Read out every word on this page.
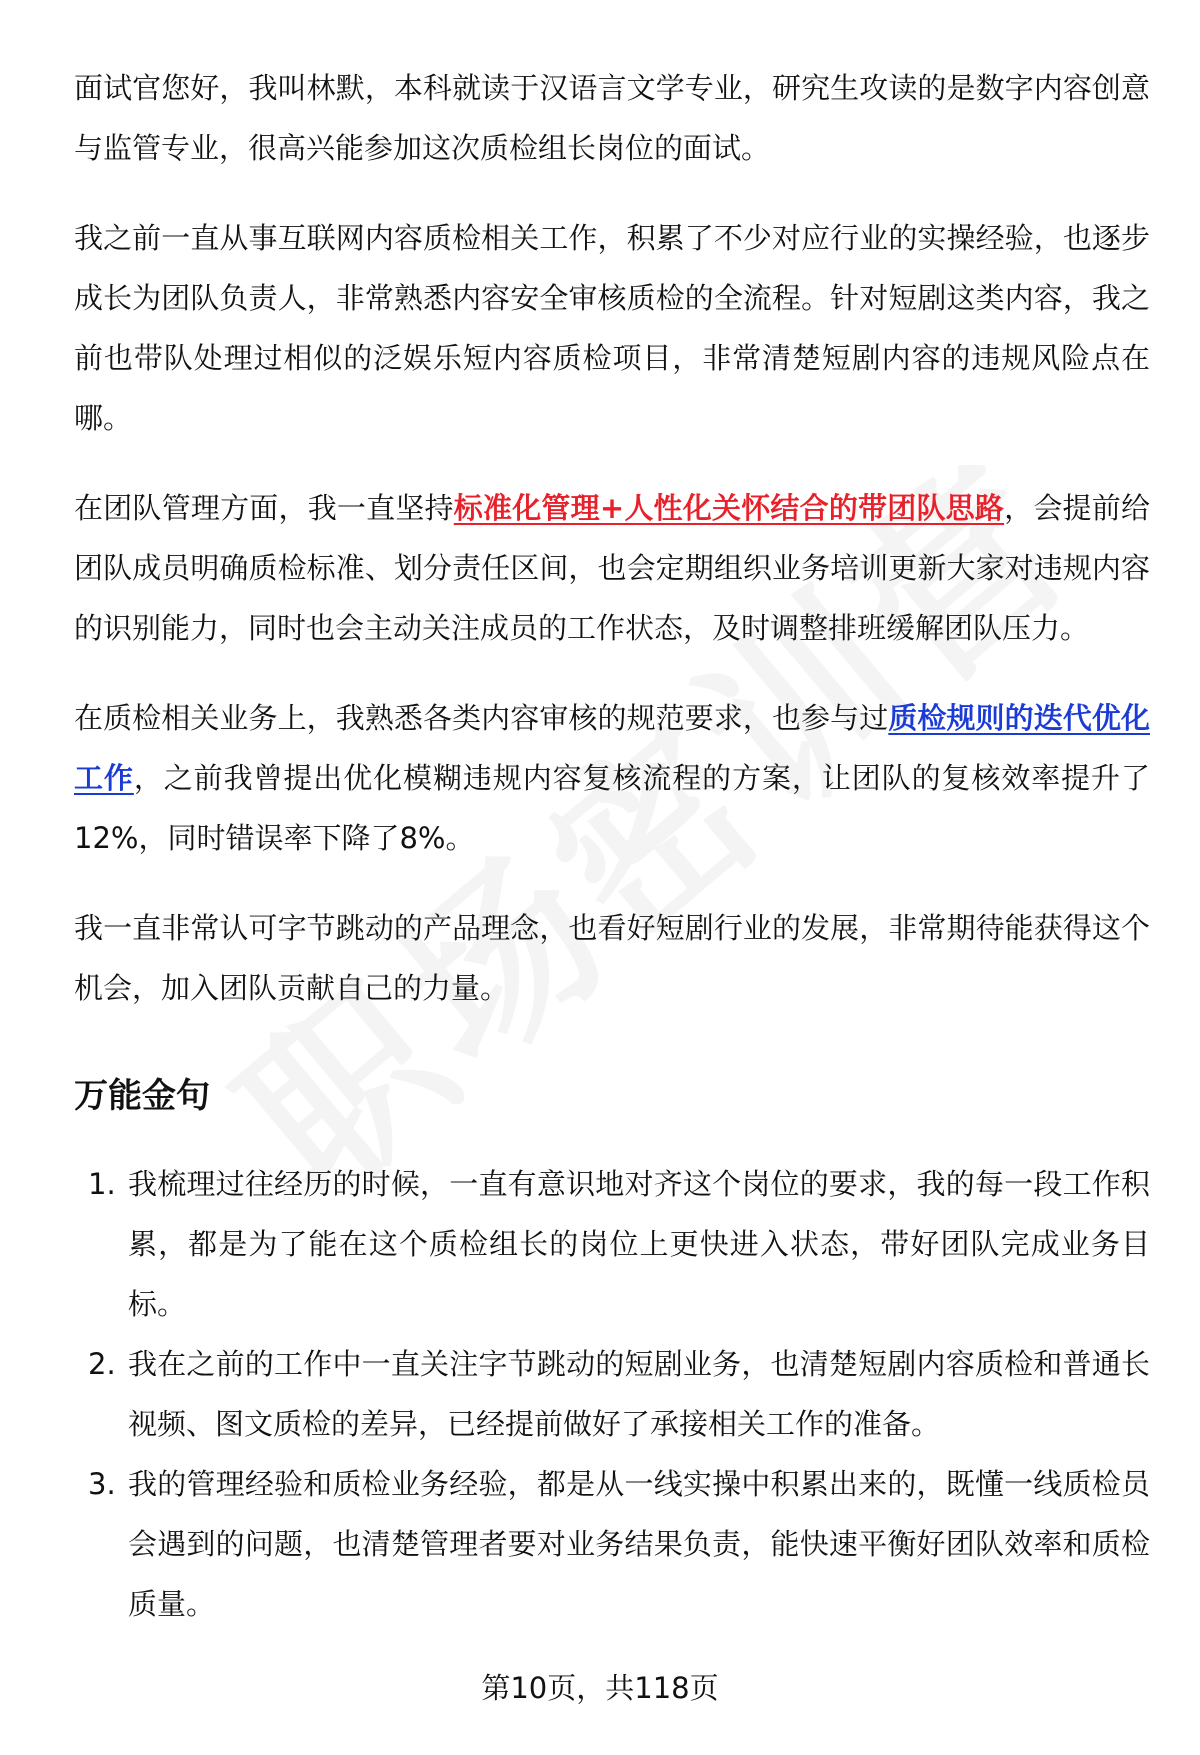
面试官您好，我叫林默，本科就读于汉语言文学专业，研究生攻读的是数字内容创意与监管专业，很高兴能参加这次质检组长岗位的面试。

我之前一直从事互联网内容质检相关工作，积累了不少对应行业的实操经验，也逐步成长为团队负责人，非常熟悉内容安全审核质检的全流程。针对短剧这类内容，我之前也带队处理过相似的泛娱乐短内容质检项目，非常清楚短剧内容的违规风险点在哪。

在团队管理方面，我一直坚持标准化管理+人性化关怀结合的带团队思路，会提前给团队成员明确质检标准、划分责任区间，也会定期组织业务培训更新大家对违规内容的识别能力，同时也会主动关注成员的工作状态，及时调整排班缓解团队压力。

在质检相关业务上，我熟悉各类内容审核的规范要求，也参与过质检规则的迭代优化工作，之前我曾提出优化模糊违规内容复核流程的方案，让团队的复核效率提升了12%，同时错误率下降了8%。

我一直非常认可字节跳动的产品理念，也看好短剧行业的发展，非常期待能获得这个机会，加入团队贡献自己的力量。

万能金句
1. 我梳理过往经历的时候，一直有意识地对齐这个岗位的要求，我的每一段工作积累，都是为了能在这个质检组长的岗位上更快进入状态，带好团队完成业务目标。
2. 我在之前的工作中一直关注字节跳动的短剧业务，也清楚短剧内容质检和普通长视频、图文质检的差异，已经提前做好了承接相关工作的准备。
3. 我的管理经验和质检业务经验，都是从一线实操中积累出来的，既懂一线质检员会遇到的问题，也清楚管理者要对业务结果负责，能快速平衡好团队效率和质检质量。
第10页，共118页
